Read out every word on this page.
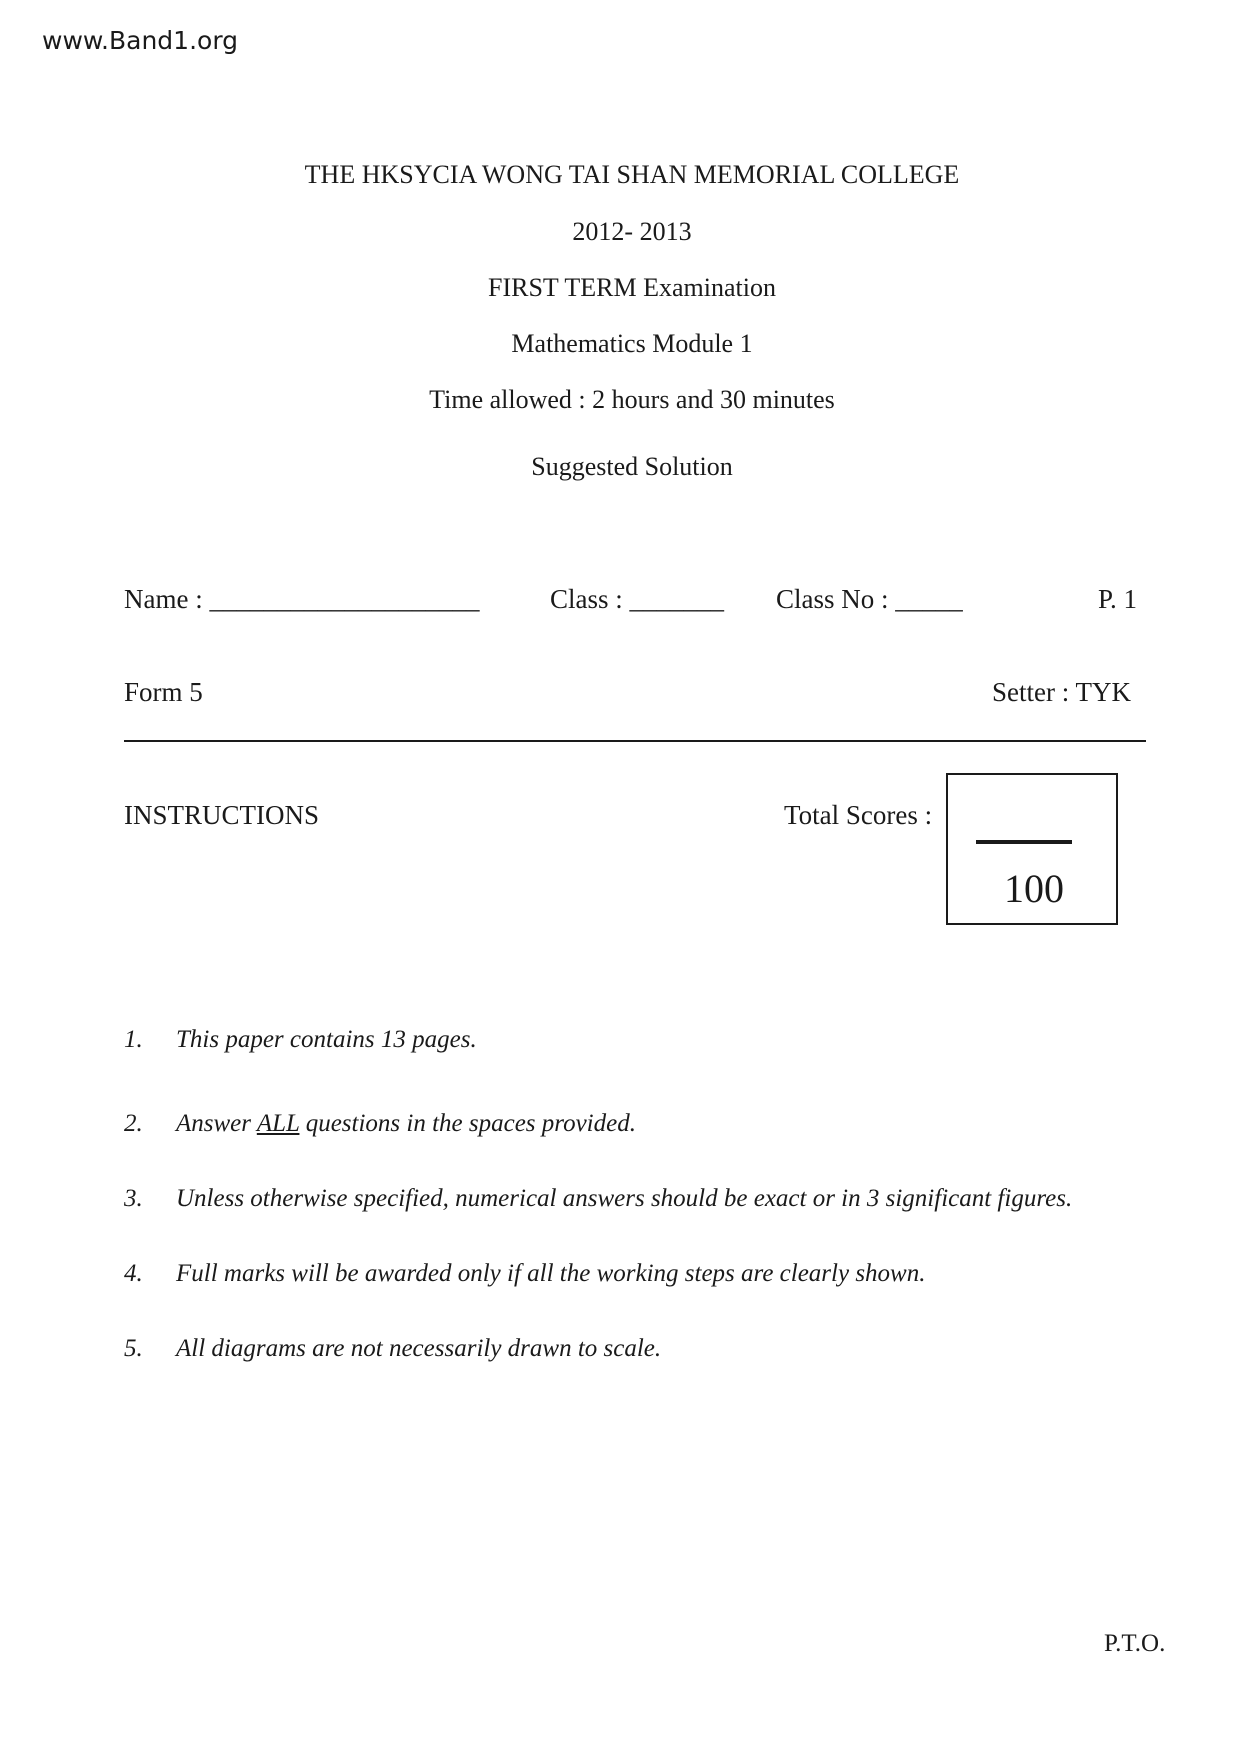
www.Band1.org
THE HKSYCIA WONG TAI SHAN MEMORIAL COLLEGE
2012- 2013
FIRST TERM Examination
Mathematics Module 1
Time allowed : 2 hours and 30 minutes
Suggested Solution
Name : ____________________	Class : _______ Class No : _____	P. 1
Form 5	Setter : TYK
INSTRUCTIONS	Total Scores :
100
1. This paper contains 13 pages.
2. Answer ALL questions in the spaces provided.
3. Unless otherwise specified, numerical answers should be exact or in 3 significant figures.
4. Full marks will be awarded only if all the working steps are clearly shown.
5. All diagrams are not necessarily drawn to scale.
P.T.O.
